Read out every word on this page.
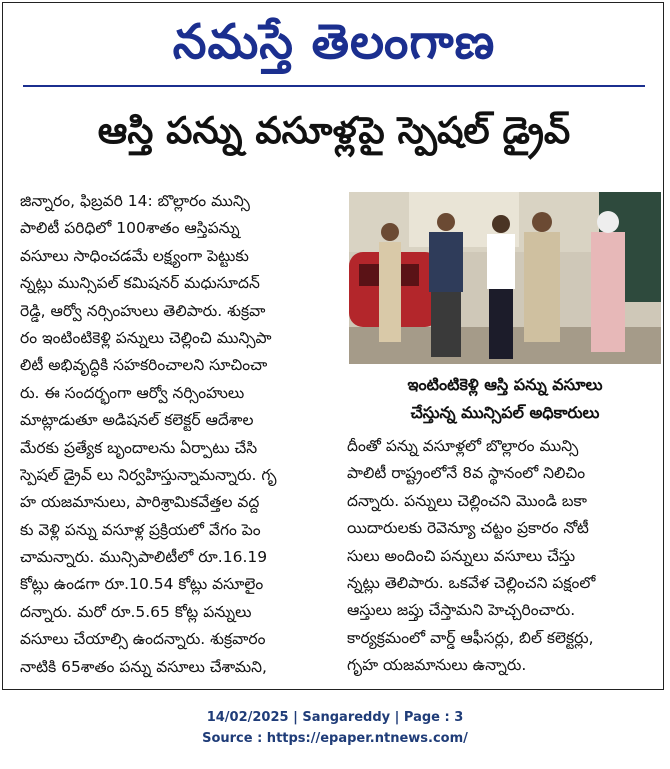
నమస్తే తెలంగాణ
ఆస్తి పన్ను వసూళ్లపై స్పెషల్ డ్రైవ్
జిన్నారం, ఫిబ్రవరి 14: బొల్లారం మున్సి
పాలిటీ పరిధిలో 100శాతం ఆస్తిపన్ను
వసూలు సాధించడమే లక్ష్యంగా పెట్టుకు
న్నట్లు మున్సిపల్ కమిషనర్ మధుసూదన్
రెడ్డి, ఆర్వో నర్సింహులు తెలిపారు. శుక్రవా
రం ఇంటింటికెళ్లి పన్నులు చెల్లించి మున్సిపా
లిటీ అభివృద్ధికి సహకరించాలని సూచించా
రు. ఈ సందర్భంగా ఆర్వో నర్సింహులు
మాట్లాడుతూ అడిషనల్ కలెక్టర్ ఆదేశాల
మేరకు ప్రత్యేక బృందాలను ఏర్పాటు చేసి
స్పెషల్ డ్రైవ్ లు నిర్వహిస్తున్నామన్నారు. గృ
హ యజమానులు, పారిశ్రామికవేత్తల వద్ద
కు వెళ్లి పన్ను వసూళ్ల ప్రక్రియలో వేగం పెం
చామన్నారు. మున్సిపాలిటీలో రూ.16.19
కోట్లు ఉండగా రూ.10.54 కోట్లు వసూలైం
దన్నారు. మరో రూ.5.65 కోట్ల పన్నులు
వసూలు చేయాల్సి ఉందన్నారు. శుక్రవారం
నాటికి 65శాతం పన్ను వసూలు చేశామని,
ఇంటింటికెళ్లి ఆస్తి పన్ను వసూలు
చేస్తున్న మున్సిపల్ అధికారులు
దీంతో పన్ను వసూళ్లలో బొల్లారం మున్సి
పాలిటీ రాష్ట్రంలోనే 8వ స్థానంలో నిలిచిం
దన్నారు. పన్నులు చెల్లించని మొండి బకా
యిదారులకు రెవెన్యూ చట్టం ప్రకారం నోటీ
సులు అందించి పన్నులు వసూలు చేస్తు
న్నట్లు తెలిపారు. ఒకవేళ చెల్లించని పక్షంలో
ఆస్తులు జప్తు చేస్తామని హెచ్చరించారు.
కార్యక్రమంలో వార్డ్ ఆఫీసర్లు, బిల్ కలెక్టర్లు,
గృహ యజమానులు ఉన్నారు.
14/02/2025 | Sangareddy | Page : 3
Source : https://epaper.ntnews.com/
